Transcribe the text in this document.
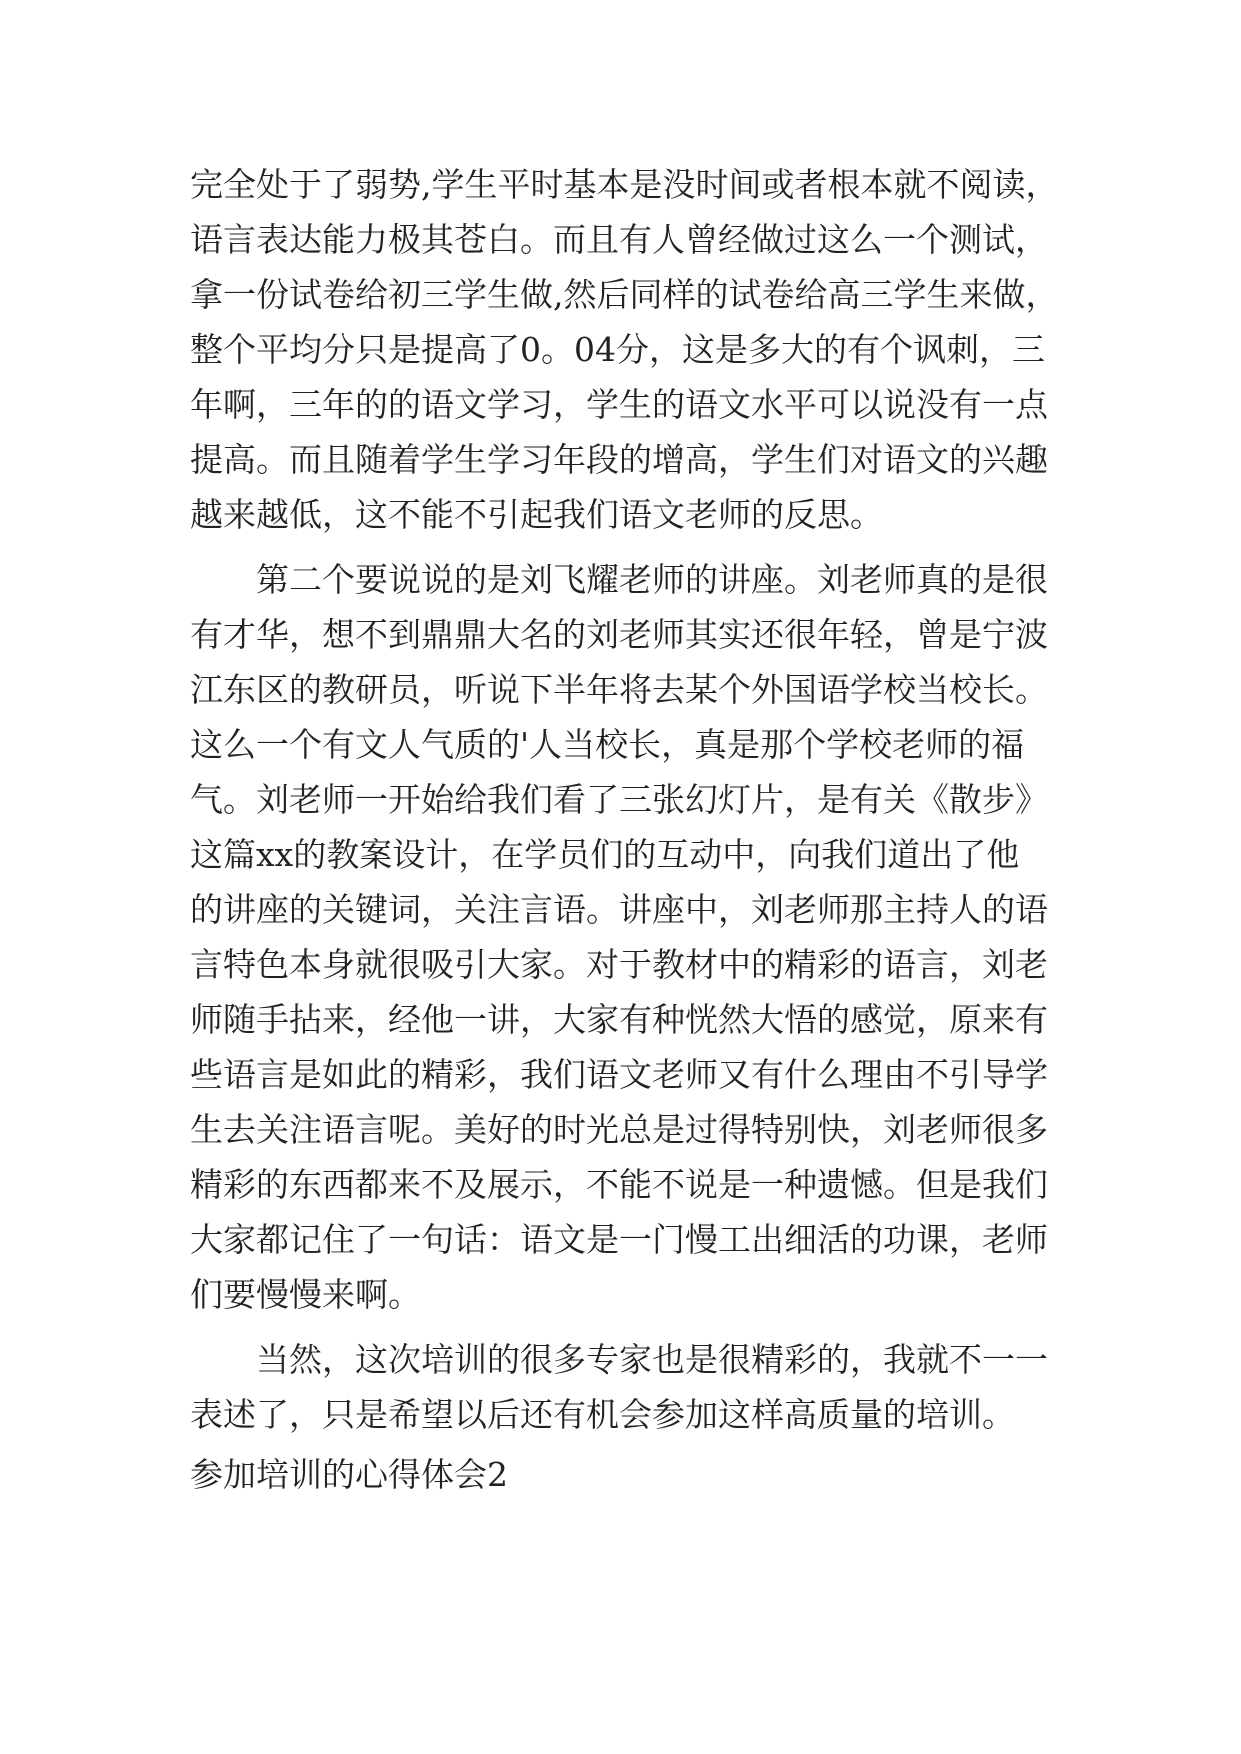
完全处于了弱势,学生平时基本是没时间或者根本就不阅读，
语言表达能力极其苍白。而且有人曾经做过这么一个测试，
拿一份试卷给初三学生做,然后同样的试卷给高三学生来做，
整个平均分只是提高了0。04分，这是多大的有个讽刺，三
年啊，三年的的语文学习，学生的语文水平可以说没有一点
提高。而且随着学生学习年段的增高，学生们对语文的兴趣
越来越低，这不能不引起我们语文老师的反思。
　　第二个要说说的是刘飞耀老师的讲座。刘老师真的是很
有才华，想不到鼎鼎大名的刘老师其实还很年轻，曾是宁波
江东区的教研员，听说下半年将去某个外国语学校当校长。
这么一个有文人气质的'人当校长，真是那个学校老师的福
气。刘老师一开始给我们看了三张幻灯片，是有关《散步》
这篇xx的教案设计，在学员们的互动中，向我们道出了他
的讲座的关键词，关注言语。讲座中，刘老师那主持人的语
言特色本身就很吸引大家。对于教材中的精彩的语言，刘老
师随手拈来，经他一讲，大家有种恍然大悟的感觉，原来有
些语言是如此的精彩，我们语文老师又有什么理由不引导学
生去关注语言呢。美好的时光总是过得特别快，刘老师很多
精彩的东西都来不及展示，不能不说是一种遗憾。但是我们
大家都记住了一句话：语文是一门慢工出细活的功课，老师
们要慢慢来啊。
　　当然，这次培训的很多专家也是很精彩的，我就不一一
表述了，只是希望以后还有机会参加这样高质量的培训。
参加培训的心得体会2
